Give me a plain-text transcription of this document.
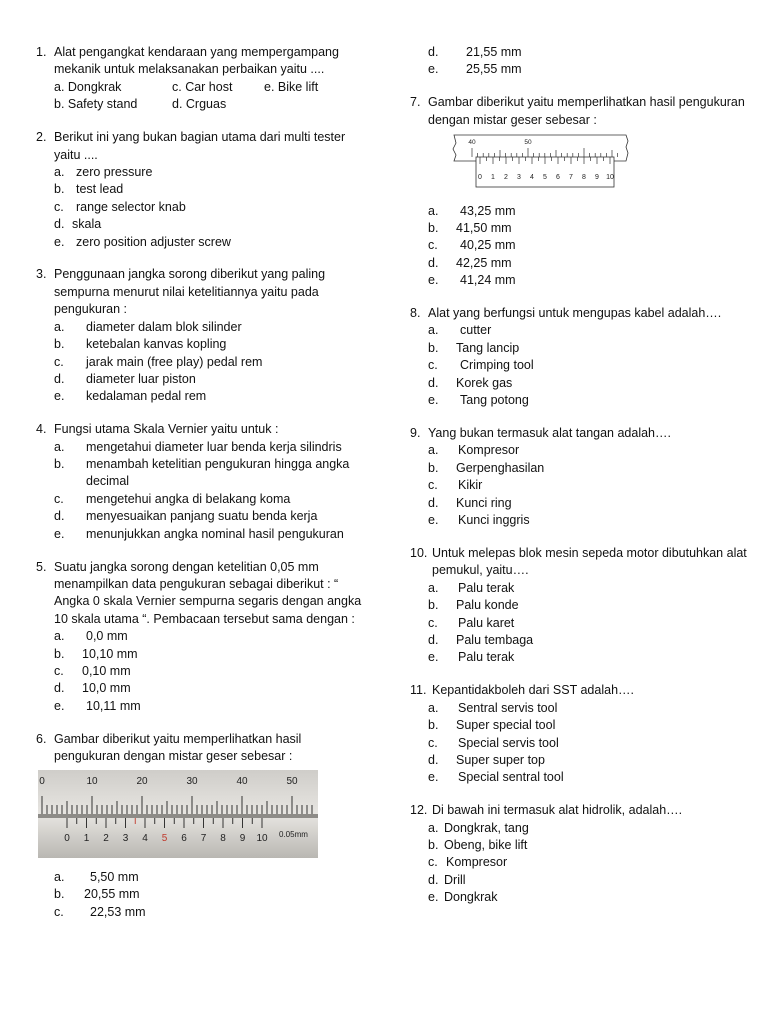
1. Alat pengangkat kendaraan yang mempergampang mekanik untuk melaksanakan perbaikan yaitu ....
a. Dongkrak	c. Car host	e. Bike lift
b. Safety stand	d. Crguas
2. Berikut ini yang bukan bagian utama dari multi tester yaitu ....
a. zero pressure
b. test lead
c. range selector knab
d. skala
e. zero position adjuster screw
3. Penggunaan jangka sorong diberikut yang paling sempurna menurut nilai ketelitiannya yaitu pada pengukuran :
a.	diameter dalam blok silinder
b.	ketebalan kanvas kopling
c.	jarak main (free play) pedal rem
d.	diameter luar piston
e.	kedalaman pedal rem
4. Fungsi utama Skala Vernier yaitu untuk :
a.	mengetahui diameter luar benda kerja silindris
b.	menambah ketelitian pengukuran hingga angka decimal
c.	mengetehui angka di belakang koma
d.	menyesuaikan panjang suatu benda kerja
e.	menunjukkan angka nominal hasil pengukuran
5. Suatu jangka sorong dengan ketelitian 0,05 mm menampilkan data pengukuran sebagai diberikut : “ Angka 0 skala Vernier sempurna segaris dengan angka 10 skala utama “. Pembacaan tersebut sama dengan :
a.	0,0 mm
b.	10,10 mm
c.	0,10 mm
d.	10,0 mm
e.	10,11 mm
6. Gambar diberikut yaitu memperlihatkan hasil pengukuran dengan mistar geser sebesar :
0	10	20	30	40	50
0 1 2 3 4 5 6 7 8 9 10 0.05mm
a.	5,50 mm
b.	20,55 mm
c.	22,53 mm
d.	21,55 mm
e.	25,55 mm
7. Gambar diberikut yaitu memperlihatkan hasil pengukuran dengan mistar geser sebesar :
40	50
0 1 2 3 4 5 6 7 8 9 10
a.	43,25 mm
b.	41,50 mm
c.	40,25 mm
d.	42,25 mm
e.	41,24 mm
8. Alat yang berfungsi untuk mengupas kabel adalah….
a.	cutter
b.	Tang lancip
c.	Crimping tool
d.	Korek gas
e.	Tang potong
9. Yang bukan termasuk alat tangan adalah….
a.	Kompresor
b.	Gerpenghasilan
c.	Kikir
d.	Kunci ring
e.	Kunci inggris
10. Untuk melepas blok mesin sepeda motor dibutuhkan alat pemukul, yaitu….
a.	Palu terak
b.	Palu konde
c.	Palu karet
d.	Palu tembaga
e.	Palu terak
11. Kepantidakboleh dari SST adalah….
a.	Sentral servis tool
b.	Super special tool
c.	Special servis tool
d.	Super super top
e.	Special sentral tool
12. Di bawah ini termasuk alat hidrolik, adalah….
a. Dongkrak, tang
b. Obeng, bike lift
c. Kompresor
d. Drill
e. Dongkrak
